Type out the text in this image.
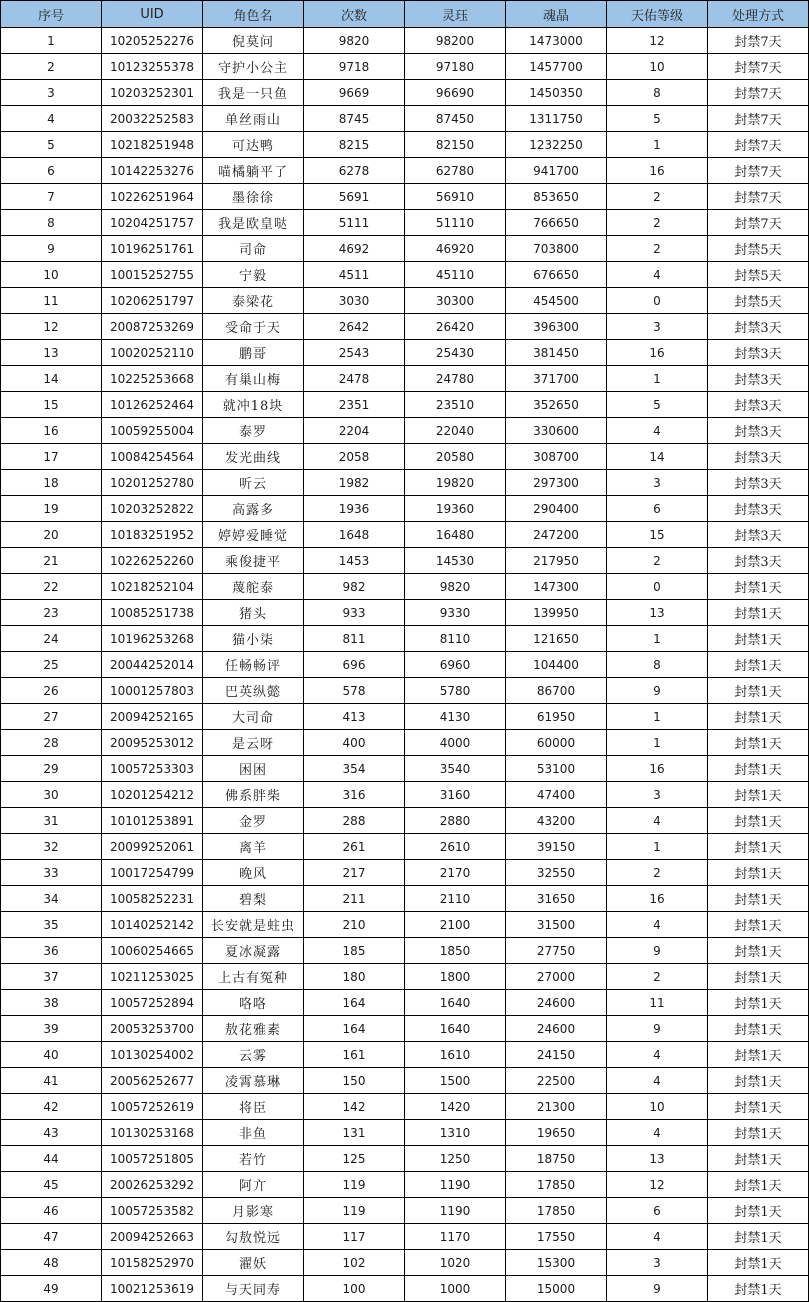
序号	UID	角色名	次数	灵珏	魂晶	天佑等级	处理方式
1	10205252276	倪莫问	9820	98200	1473000	12	封禁7天
2	10123255378	守护小公主	9718	97180	1457700	10	封禁7天
3	10203252301	我是一只鱼	9669	96690	1450350	8	封禁7天
4	20032252583	单丝雨山	8745	87450	1311750	5	封禁7天
5	10218251948	可达鸭	8215	82150	1232250	1	封禁7天
6	10142253276	喵橘躺平了	6278	62780	941700	16	封禁7天
7	10226251964	墨徐徐	5691	56910	853650	2	封禁7天
8	10204251757	我是欧皇哒	5111	51110	766650	2	封禁7天
9	10196251761	司命	4692	46920	703800	2	封禁5天
10	10015252755	宁毅	4511	45110	676650	4	封禁5天
11	10206251797	泰梁花	3030	30300	454500	0	封禁5天
12	20087253269	受命于天	2642	26420	396300	3	封禁3天
13	10020252110	鹏哥	2543	25430	381450	16	封禁3天
14	10225253668	有巢山梅	2478	24780	371700	1	封禁3天
15	10126252464	就冲18块	2351	23510	352650	5	封禁3天
16	10059255004	泰罗	2204	22040	330600	4	封禁3天
17	10084254564	发光曲线	2058	20580	308700	14	封禁3天
18	10201252780	听云	1982	19820	297300	3	封禁3天
19	10203252822	高露多	1936	19360	290400	6	封禁3天
20	10183251952	婷婷爱睡觉	1648	16480	247200	15	封禁3天
21	10226252260	乘俊捷平	1453	14530	217950	2	封禁3天
22	10218252104	蔑舵泰	982	9820	147300	0	封禁1天
23	10085251738	猪头	933	9330	139950	13	封禁1天
24	10196253268	猫小柒	811	8110	121650	1	封禁1天
25	20044252014	任畅畅评	696	6960	104400	8	封禁1天
26	10001257803	巴英纵懿	578	5780	86700	9	封禁1天
27	20094252165	大司命	413	4130	61950	1	封禁1天
28	20095253012	是云呀	400	4000	60000	1	封禁1天
29	10057253303	困困	354	3540	53100	16	封禁1天
30	10201254212	佛系胖柴	316	3160	47400	3	封禁1天
31	10101253891	金罗	288	2880	43200	4	封禁1天
32	20099252061	离羊	261	2610	39150	1	封禁1天
33	10017254799	晚风	217	2170	32550	2	封禁1天
34	10058252231	碧梨	211	2110	31650	16	封禁1天
35	10140252142	长安就是蛀虫	210	2100	31500	4	封禁1天
36	10060254665	夏冰凝露	185	1850	27750	9	封禁1天
37	10211253025	上古有冤种	180	1800	27000	2	封禁1天
38	10057252894	咯咯	164	1640	24600	11	封禁1天
39	20053253700	敖花雅素	164	1640	24600	9	封禁1天
40	10130254002	云雾	161	1610	24150	4	封禁1天
41	20056252677	凌霄慕琳	150	1500	22500	4	封禁1天
42	10057252619	将臣	142	1420	21300	10	封禁1天
43	10130253168	非鱼	131	1310	19650	4	封禁1天
44	10057251805	若竹	125	1250	18750	13	封禁1天
45	20026253292	阿亣	119	1190	17850	12	封禁1天
46	10057253582	月影寒	119	1190	17850	6	封禁1天
47	20094252663	勾敖悦远	117	1170	17550	4	封禁1天
48	10158252970	濯妖	102	1020	15300	3	封禁1天
49	10021253619	与天同寿	100	1000	15000	9	封禁1天
